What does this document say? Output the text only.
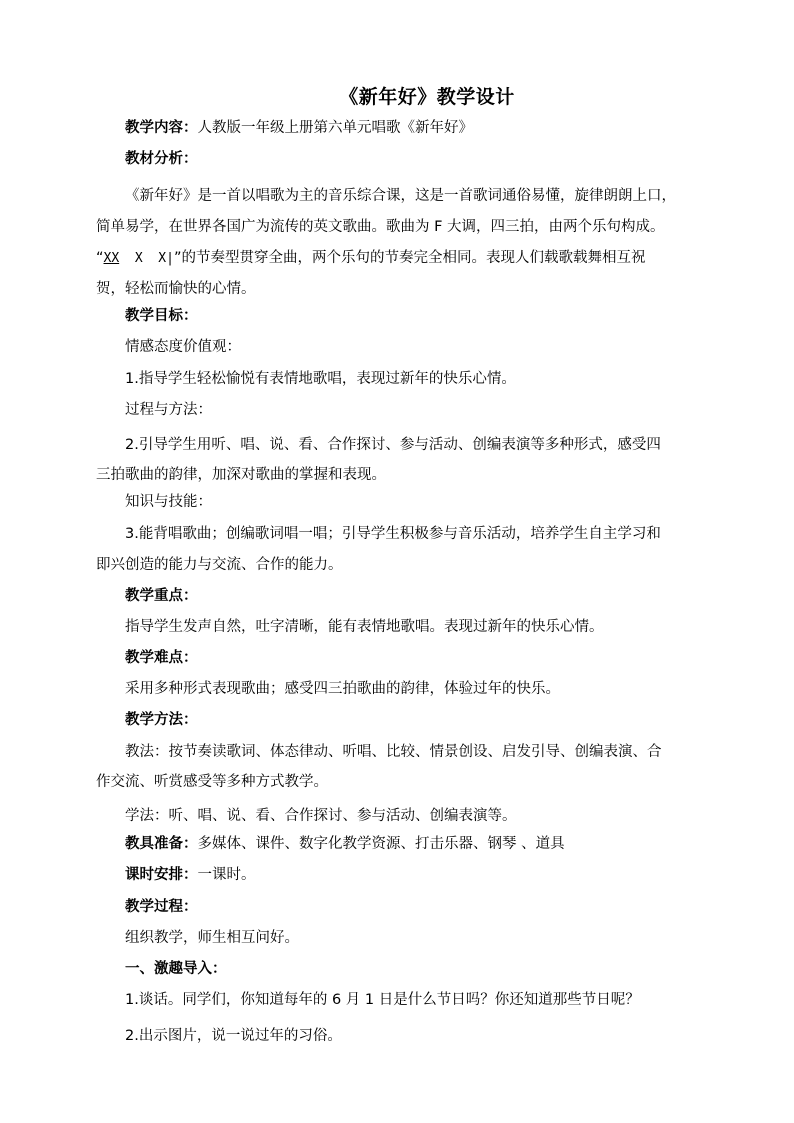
《新年好》教学设计
教学内容：人教版一年级上册第六单元唱歌《新年好》
教材分析：
《新年好》是一首以唱歌为主的音乐综合课，这是一首歌词通俗易懂，旋律朗朗上口，
简单易学，在世界各国广为流传的英文歌曲。歌曲为 F 大调，四三拍，由两个乐句构成。
“XX  X  X|”的节奏型贯穿全曲，两个乐句的节奏完全相同。表现人们载歌载舞相互祝
贺，轻松而愉快的心情。
教学目标：
情感态度价值观：
1.指导学生轻松愉悦有表情地歌唱，表现过新年的快乐心情。
过程与方法：
2.引导学生用听、唱、说、看、合作探讨、参与活动、创编表演等多种形式，感受四
三拍歌曲的韵律，加深对歌曲的掌握和表现。
知识与技能：
3.能背唱歌曲；创编歌词唱一唱；引导学生积极参与音乐活动，培养学生自主学习和
即兴创造的能力与交流、合作的能力。
教学重点：
指导学生发声自然，吐字清晰，能有表情地歌唱。表现过新年的快乐心情。
教学难点：
采用多种形式表现歌曲；感受四三拍歌曲的韵律，体验过年的快乐。
教学方法：
教法：按节奏读歌词、体态律动、听唱、比较、情景创设、启发引导、创编表演、合
作交流、听赏感受等多种方式教学。
学法：听、唱、说、看、合作探讨、参与活动、创编表演等。
教具准备：多媒体、课件、数字化教学资源、打击乐器、钢琴 、道具
课时安排：一课时。
教学过程：
组织教学，师生相互问好。
一、激趣导入：
1.谈话。同学们，你知道每年的 6 月 1 日是什么节日吗？你还知道那些节日呢？
2.出示图片，说一说过年的习俗。
